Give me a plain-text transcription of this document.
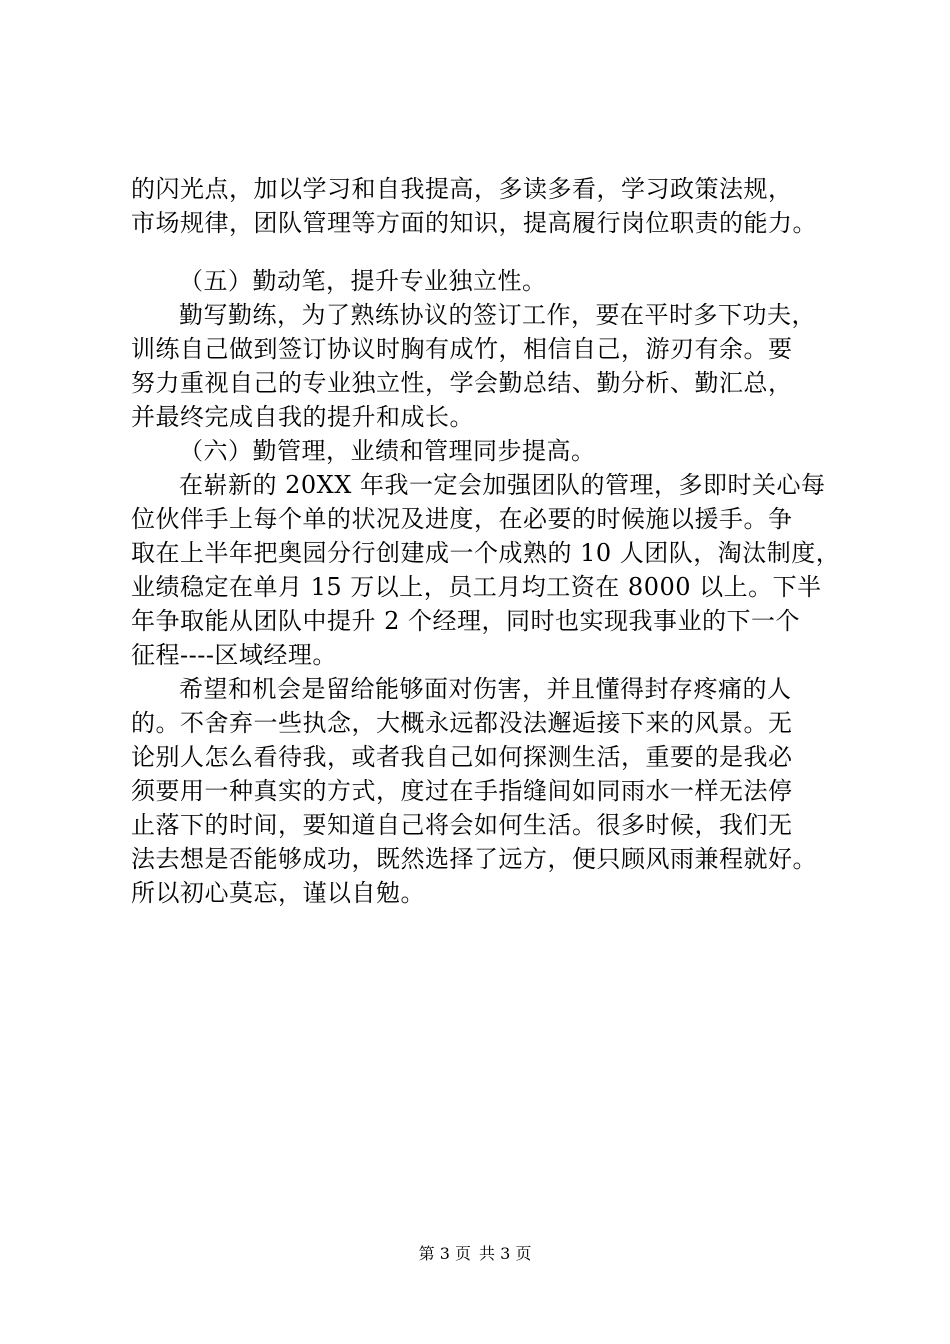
的闪光点，加以学习和自我提高，多读多看，学习政策法规，
市场规律，团队管理等方面的知识，提高履行岗位职责的能力。
（五）勤动笔，提升专业独立性。
勤写勤练，为了熟练协议的签订工作，要在平时多下功夫，
训练自己做到签订协议时胸有成竹，相信自己，游刃有余。要
努力重视自己的专业独立性，学会勤总结、勤分析、勤汇总，
并最终完成自我的提升和成长。
（六）勤管理，业绩和管理同步提高。
在崭新的 20XX 年我一定会加强团队的管理，多即时关心每
位伙伴手上每个单的状况及进度，在必要的时候施以援手。争
取在上半年把奥园分行创建成一个成熟的 10 人团队，淘汰制度，
业绩稳定在单月 15 万以上，员工月均工资在 8000 以上。下半
年争取能从团队中提升 2 个经理，同时也实现我事业的下一个
征程----区域经理。
希望和机会是留给能够面对伤害，并且懂得封存疼痛的人
的。不舍弃一些执念，大概永远都没法邂逅接下来的风景。无
论别人怎么看待我，或者我自己如何探测生活，重要的是我必
须要用一种真实的方式，度过在手指缝间如同雨水一样无法停
止落下的时间，要知道自己将会如何生活。很多时候，我们无
法去想是否能够成功，既然选择了远方，便只顾风雨兼程就好。
所以初心莫忘，谨以自勉。
第 3 页 共 3 页
